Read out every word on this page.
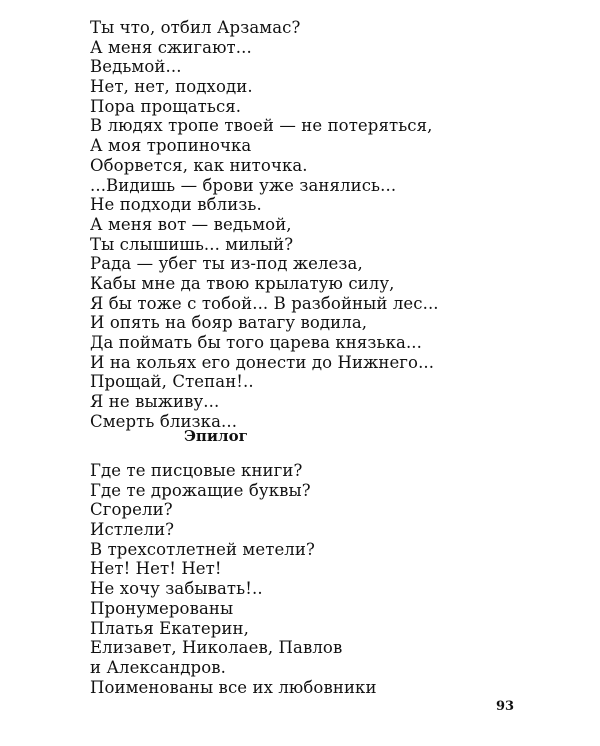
Ты что, отбил Арзамас?
А меня сжигают...
Ведьмой...
Нет, нет, подходи.
Пора прощаться.
В людях тропе твоей — не потеряться,
А моя тропиночка
Оборвется, как ниточка.
...Видишь — брови уже занялись...
Не подходи вблизь.
А меня вот — ведьмой,
Ты слышишь... милый?
Рада — убег ты из-под железа,
Кабы мне да твою крылатую силу,
Я бы тоже с тобой... В разбойный лес...
И опять на бояр ватагу водила,
Да поймать бы того царева князька...
И на кольях его донести до Нижнего...
Прощай, Степан!..
Я не выживу...
Смерть близка...
Эпилог
Где те писцовые книги?
Где те дрожащие буквы?
Сгорели?
Истлели?
В трехсотлетней метели?
Нет! Нет! Нет!
Не хочу забывать!..
Пронумерованы
Платья Екатерин,
Елизавет, Николаев, Павлов
и Александров.
Поименованы все их любовники
93
